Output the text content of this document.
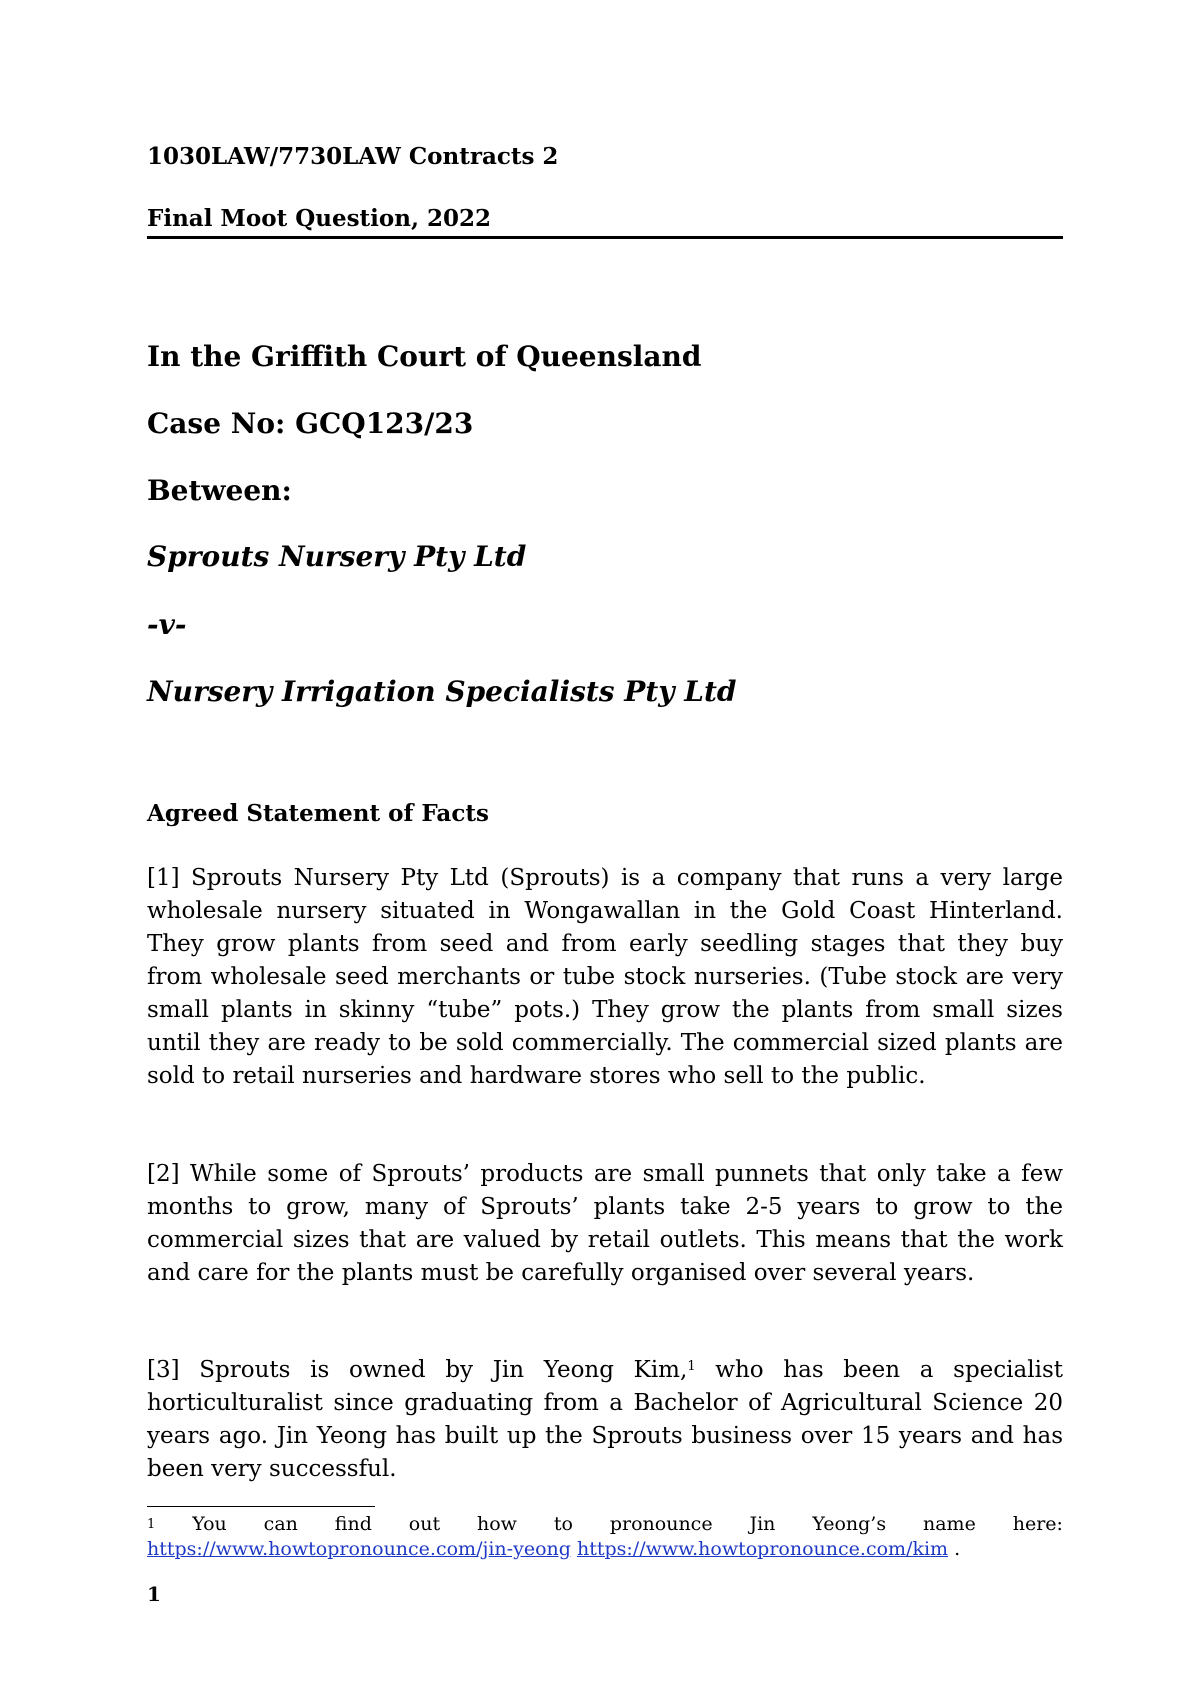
1030LAW/7730LAW Contracts 2
Final Moot Question, 2022
In the Griffith Court of Queensland
Case No: GCQ123/23
Between:
Sprouts Nursery Pty Ltd
-v-
Nursery Irrigation Specialists Pty Ltd
Agreed Statement of Facts
[1] Sprouts Nursery Pty Ltd (Sprouts) is a company that runs a very large wholesale nursery situated in Wongawallan in the Gold Coast Hinterland. They grow plants from seed and from early seedling stages that they buy from wholesale seed merchants or tube stock nurseries. (Tube stock are very small plants in skinny “tube” pots.) They grow the plants from small sizes until they are ready to be sold commercially. The commercial sized plants are sold to retail nurseries and hardware stores who sell to the public.
[2] While some of Sprouts’ products are small punnets that only take a few months to grow, many of Sprouts’ plants take 2-5 years to grow to the commercial sizes that are valued by retail outlets. This means that the work and care for the plants must be carefully organised over several years.
[3] Sprouts is owned by Jin Yeong Kim,$^1$ who has been a specialist horticulturalist since graduating from a Bachelor of Agricultural Science 20 years ago. Jin Yeong has built up the Sprouts business over 15 years and has been very successful.
$^1$ You can find out how to pronounce Jin Yeong’s name here:
https://www.howtopronounce.com/jin-yeong https://www.howtopronounce.com/kim .
1
